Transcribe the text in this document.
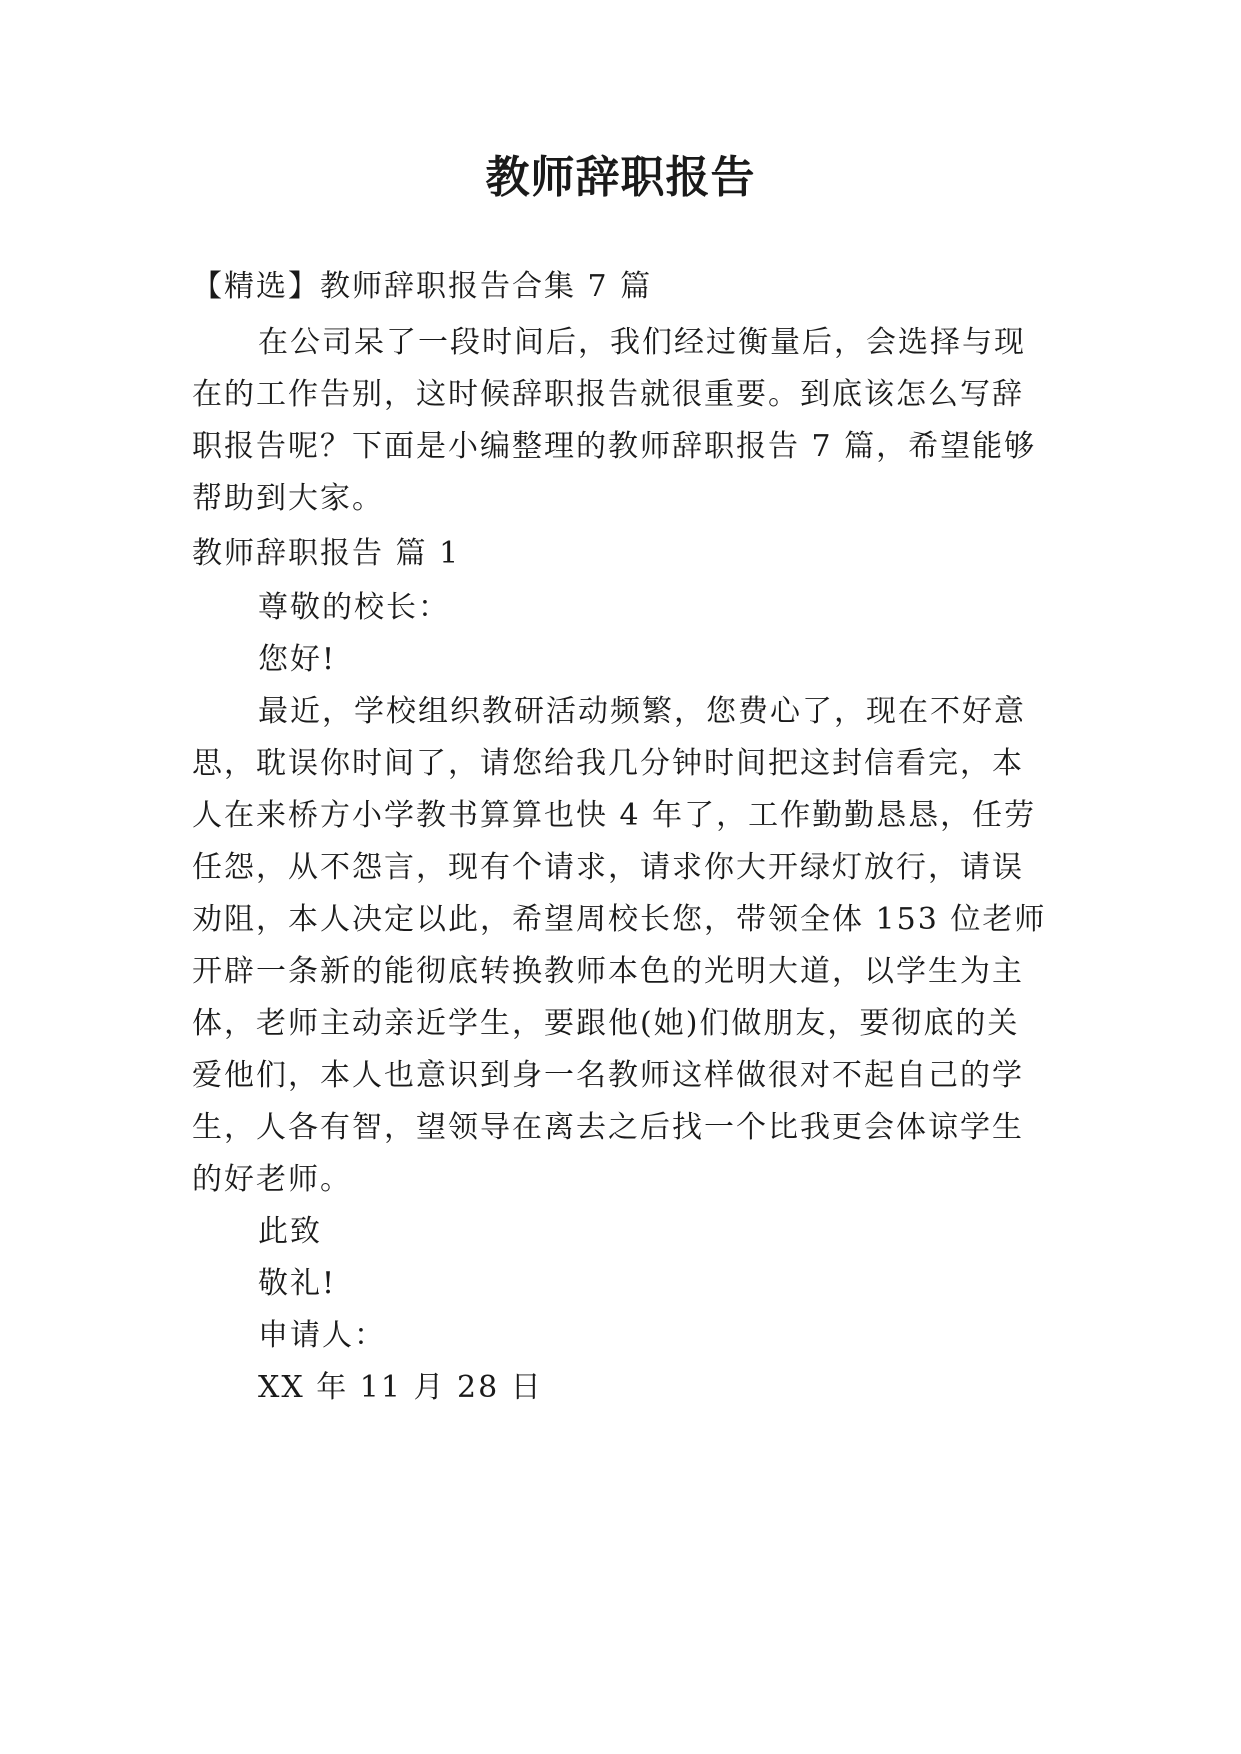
教师辞职报告
【精选】教师辞职报告合集 7 篇
在公司呆了一段时间后，我们经过衡量后，会选择与现
在的工作告别，这时候辞职报告就很重要。到底该怎么写辞
职报告呢？下面是小编整理的教师辞职报告 7 篇，希望能够
帮助到大家。
教师辞职报告 篇 1
尊敬的校长：
您好!
最近，学校组织教研活动频繁，您费心了，现在不好意
思，耽误你时间了，请您给我几分钟时间把这封信看完，本
人在来桥方小学教书算算也快 4 年了，工作勤勤恳恳，任劳
任怨，从不怨言，现有个请求，请求你大开绿灯放行，请误
劝阻，本人决定以此，希望周校长您，带领全体 153 位老师
开辟一条新的能彻底转换教师本色的光明大道，以学生为主
体，老师主动亲近学生，要跟他(她)们做朋友，要彻底的关
爱他们，本人也意识到身一名教师这样做很对不起自己的学
生，人各有智，望领导在离去之后找一个比我更会体谅学生
的好老师。
此致
敬礼!
申请人：
XX 年 11 月 28 日
